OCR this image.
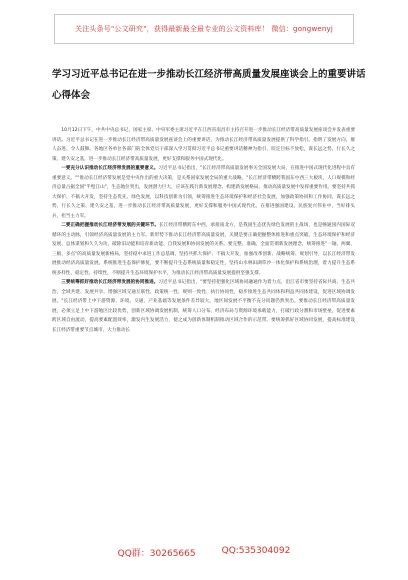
关注头条号"公文研究"，获得最新最全最专业的公文资料库！ 微信：gongwenyj
学习习近平总书记在进一步推动长江经济带高质量发展座谈会上的重要讲话心得体会

10月12日下午，中共中央总书记、国家主席、中央军委主席习近平在江西省南昌市主持召开进一步推动长江经济带高质量发展座谈会并发表重要讲话。习近平总书记在进一步推动长江经济带高质量发展座谈会上的重要讲话，为推动长江经济带高质量发展提供了科学指引、指明了发展方向，催人奋进、令人鼓舞。各地区各单位各部门的全体党员干部深入学习贯彻习近平总书记重要讲话精神为指引，咬定目标不放松，谋长远之势、行长久之策、建久安之基，进一步推动长江经济带高质量发展，更好支撑和服务中国式现代化。

一要充分认识推动长江经济带发展的重要意义。习近平总书记指出，"长江经济带高质量发展事关全国发展大局，在推进中国式现代化进程中具有重要意义。""推动长江经济带发展是党中央作出的重大决策，是关系国家发展全局的重大战略。"长江经济带横跨我国东中西三大板块，人口规模和经济总量占据全国"半壁江山"，生态地位突出，发展潜力巨大，应该在践行新发展理念、构建新发展格局、推动高质量发展中发挥重要作用。要坚持共抓大保护、不搞大开发，坚持生态优先、绿色发展，以科技创新为引领，统筹推进生态环境保护和经济社会发展，加强政策协同和工作协同，谋长远之势、行长久之策、建久安之基，进一步推动长江经济带高质量发展，更好支撑和服务中国式现代化。在推进强国建设、民族复兴伟业中，当好排头兵，担当主力军。

二要正确把握推动长江经济带发展的关键环节。长江经济带横跨东中西，承接南北方，是我国生态优先绿色发展的主战场，也是畅通国内国际双循环的主动脉，引领经济高质量发展的主力军。新形势下推动长江经济带高质量发展，关键是要正确把握整体推进和重点突破、生态环境保护和经济发展、总体谋划和久久为功、破除旧动能和培育新动能、自我发展和协同发展的关系。要完整、准确、全面贯彻新发展理念，统筹推进"一轴、两翼、三极、多点"的高质量发展新格局，坚持稳中求进工作总基调，坚持共抓大保护、不搞大开发，加强改革创新、战略统筹、规划引导，以长江经济带发展推动经济高质量发展。系统推进生态保护修复，要不断提升生态系统质量和稳定性，坚持山水林田湖草沙一体化保护和系统治理，着力提升生态系统多样性、稳定性、持续性，不断提升生态环境保护水平，为推动长江经济带高质量发展提供坚强支撑。

三要统筹抓好推动长江经济带发展的协同推进。习近平总书记指出，"要坚持把强化区域协同融通作为着力点，沿江省市要坚持省际共商、生态共治、全域共建、发展共享，增强区域交通互联性、政策统一性、规则一致性、执行协同性，稳步推进生态共同体和利益共同体建设，促进区域协调发展。"长江经济带上中下游资源、环境、交通、产业基础等发展条件差异较大，地区间发展不平衡不充分问题仍然突出。要推动长江经济带高质量发展，必须立足上中下游地区比较优势，创新区域协调发展机制，统筹人口分布、经济布局与资源环境承载能力，打破行政分割和市场壁垒，促进要素跨区域自由流动，提高要素配置效率，激发内生发展活力，使之成为创新体制机制推动区域合作的示范带。要统筹抓好区域协同发展，提高标准建设长江经济带重要节点城市，大力推动长

QQ群：30265665	QQ:535304092
